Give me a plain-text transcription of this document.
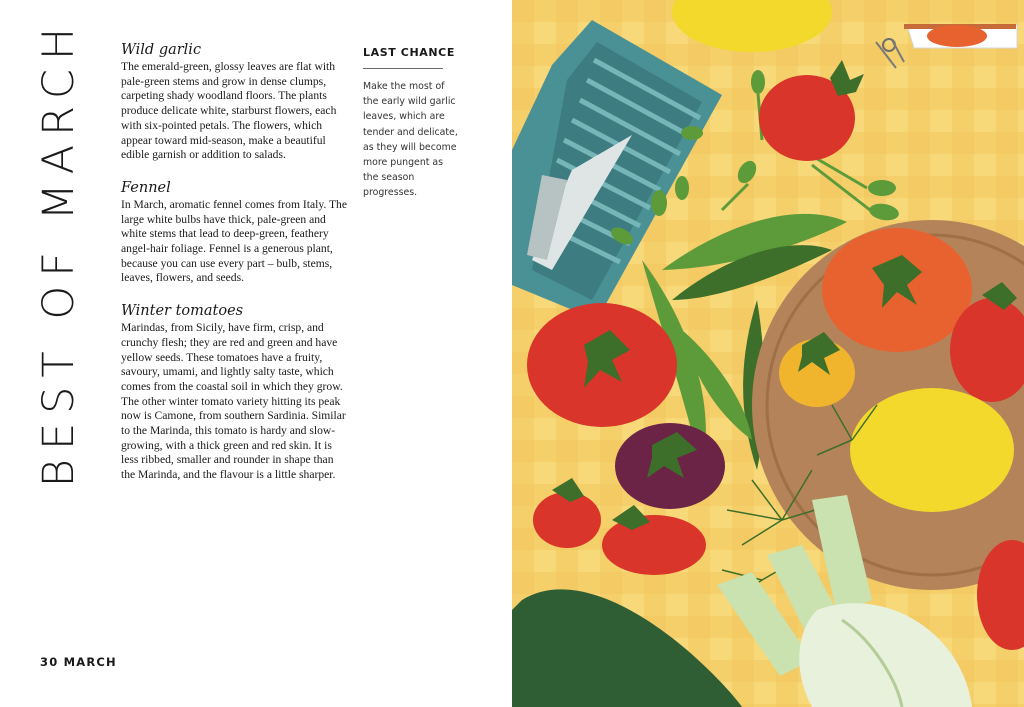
BEST OF MARCH	Wild garlic

The emerald-green, glossy leaves are flat with pale-green stems and grow in dense clumps, carpeting shady woodland floors. The plants produce delicate white, starburst flowers, each with six-pointed petals. The flowers, which appear toward mid-season, make a beautiful edible garnish or addition to salads.

Fennel

In March, aromatic fennel comes from Italy. The large white bulbs have thick, pale-green and white stems that lead to deep-green, feathery angel-hair foliage. Fennel is a generous plant, because you can use every part – bulb, stems, leaves, flowers, and seeds.

Winter tomatoes

Marindas, from Sicily, have firm, crisp, and crunchy flesh; they are red and green and have yellow seeds. These tomatoes have a fruity, savoury, umami, and lightly salty taste, which comes from the coastal soil in which they grow. The other winter tomato variety hitting its peak now is Camone, from southern Sardinia. Similar to the Marinda, this tomato is hardy and slow-growing, with a thick green and red skin. It is less ribbed, smaller and rounder in shape than the Marinda, and the flavour is a little sharper.

LAST CHANCE

Make the most of the early wild garlic leaves, which are tender and delicate, as they will become more pungent as the season progresses.

30 MARCH
